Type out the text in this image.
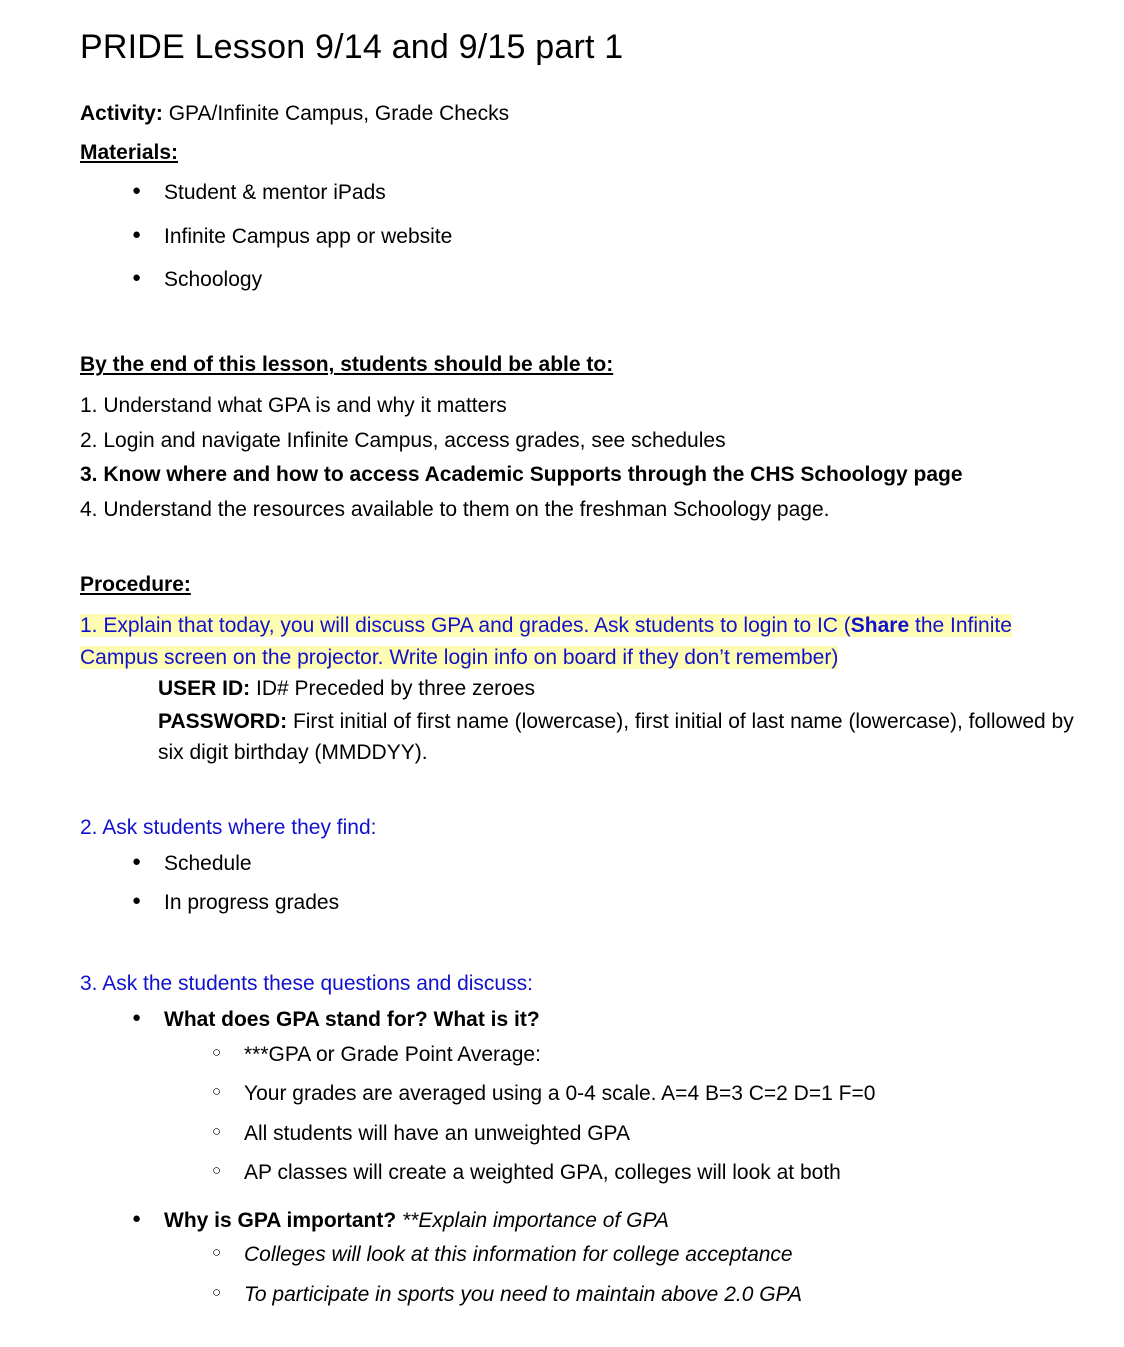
PRIDE Lesson 9/14 and 9/15 part 1

Activity: GPA/Infinite Campus, Grade Checks

Materials:

● Student & mentor iPads
● Infinite Campus app or website
● Schoology

By the end of this lesson, students should be able to:

1. Understand what GPA is and why it matters
2. Login and navigate Infinite Campus, access grades, see schedules
3. Know where and how to access Academic Supports through the CHS Schoology page
4. Understand the resources available to them on the freshman Schoology page.

Procedure:

1. Explain that today, you will discuss GPA and grades. Ask students to login to IC (Share the Infinite Campus screen on the projector. Write login info on board if they don’t remember)

USER ID: ID# Preceded by three zeroes
PASSWORD: First initial of first name (lowercase), first initial of last name (lowercase), followed by six digit birthday (MMDDYY).

2. Ask students where they find:

● Schedule
● In progress grades

3. Ask the students these questions and discuss:

● What does GPA stand for? What is it?
○ ***GPA or Grade Point Average:
○ Your grades are averaged using a 0-4 scale. A=4 B=3 C=2 D=1 F=0
○ All students will have an unweighted GPA
○ AP classes will create a weighted GPA, colleges will look at both
● Why is GPA important? **Explain importance of GPA
○ Colleges will look at this information for college acceptance
○ To participate in sports you need to maintain above 2.0 GPA
